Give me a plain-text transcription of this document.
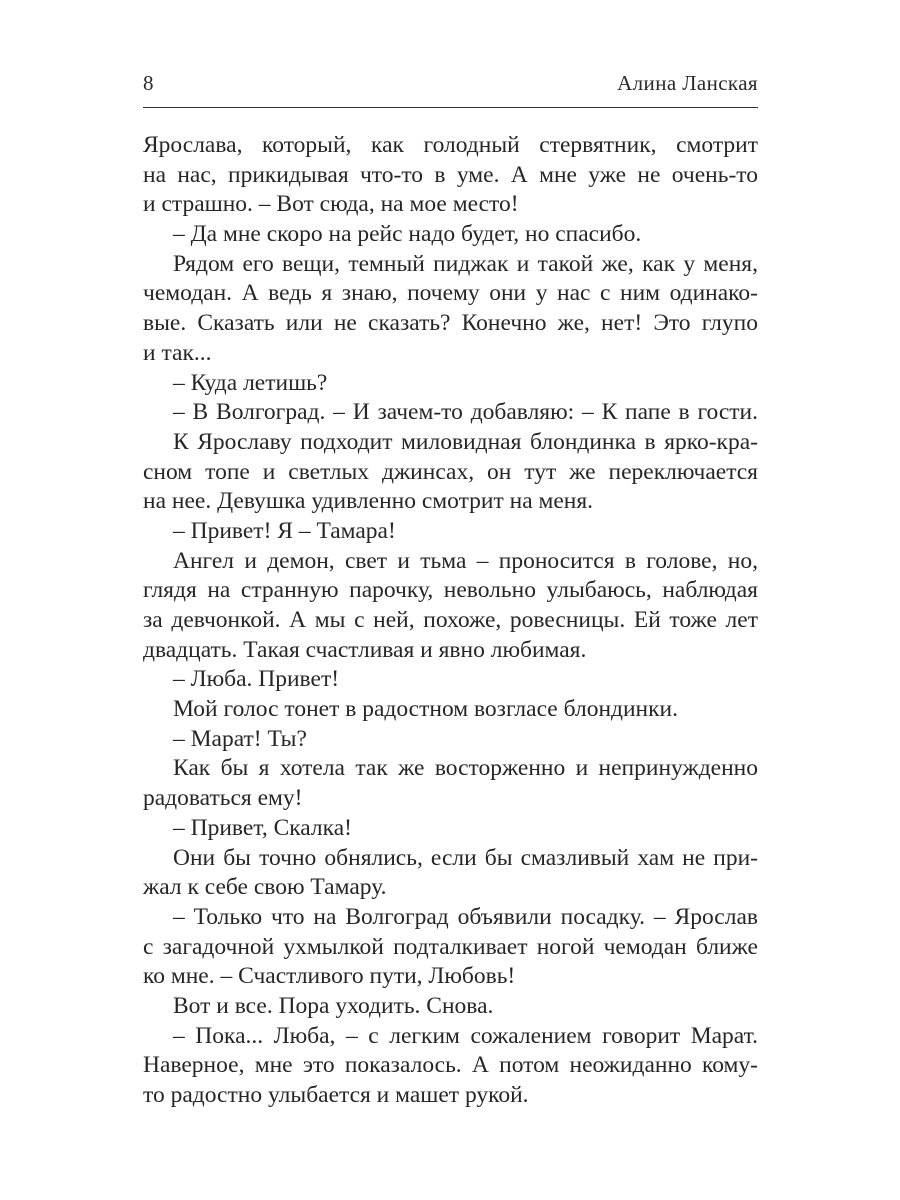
8	Алина Ланская
Ярослава, который, как голодный стервятник, смотрит
на нас, прикидывая что-то в уме. А мне уже не очень-то
и страшно. – Вот сюда, на мое место!
– Да мне скоро на рейс надо будет, но спасибо.
Рядом его вещи, темный пиджак и такой же, как у меня,
чемодан. А ведь я знаю, почему они у нас с ним одинако-
вые. Сказать или не сказать? Конечно же, нет! Это глупо
и так...
– Куда летишь?
– В Волгоград. – И зачем-то добавляю: – К папе в гости.
К Ярославу подходит миловидная блондинка в ярко-кра-
сном топе и светлых джинсах, он тут же переключается
на нее. Девушка удивленно смотрит на меня.
– Привет! Я – Тамара!
Ангел и демон, свет и тьма – проносится в голове, но,
глядя на странную парочку, невольно улыбаюсь, наблюдая
за девчонкой. А мы с ней, похоже, ровесницы. Ей тоже лет
двадцать. Такая счастливая и явно любимая.
– Люба. Привет!
Мой голос тонет в радостном возгласе блондинки.
– Марат! Ты?
Как бы я хотела так же восторженно и непринужденно
радоваться ему!
– Привет, Скалка!
Они бы точно обнялись, если бы смазливый хам не при-
жал к себе свою Тамару.
– Только что на Волгоград объявили посадку. – Ярослав
с загадочной ухмылкой подталкивает ногой чемодан ближе
ко мне. – Счастливого пути, Любовь!
Вот и все. Пора уходить. Снова.
– Пока... Люба, – с легким сожалением говорит Марат.
Наверное, мне это показалось. А потом неожиданно кому-
то радостно улыбается и машет рукой.
